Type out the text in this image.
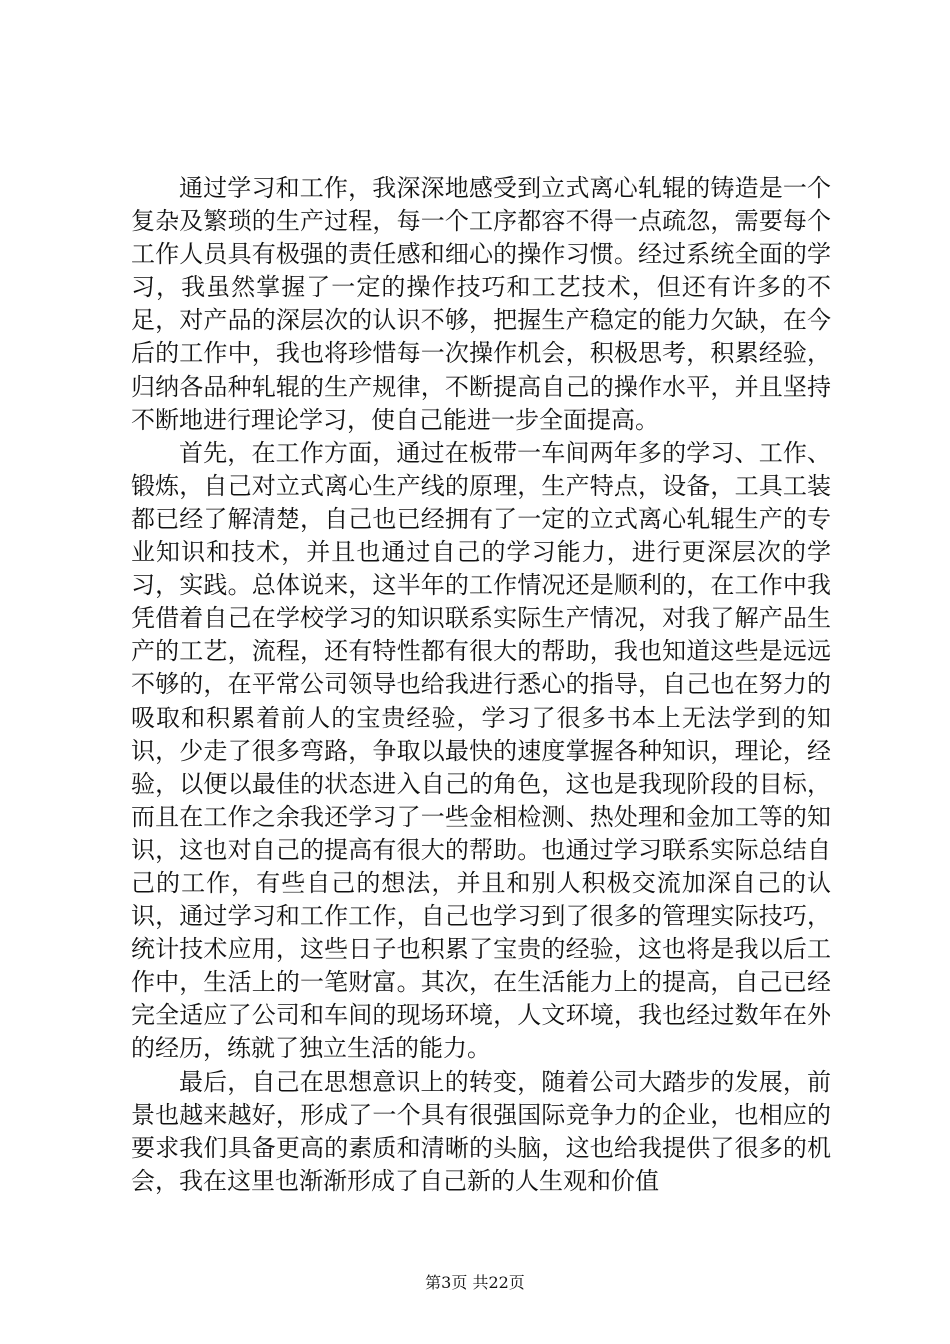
通过学习和工作，我深深地感受到立式离心轧辊的铸造是一个复杂及繁琐的生产过程，每一个工序都容不得一点疏忽，需要每个工作人员具有极强的责任感和细心的操作习惯。经过系统全面的学习，我虽然掌握了一定的操作技巧和工艺技术，但还有许多的不足，对产品的深层次的认识不够，把握生产稳定的能力欠缺，在今后的工作中，我也将珍惜每一次操作机会，积极思考，积累经验，归纳各品种轧辊的生产规律，不断提高自己的操作水平，并且坚持不断地进行理论学习，使自己能进一步全面提高。

首先，在工作方面，通过在板带一车间两年多的学习、工作、锻炼，自己对立式离心生产线的原理，生产特点，设备，工具工装都已经了解清楚，自己也已经拥有了一定的立式离心轧辊生产的专业知识和技术，并且也通过自己的学习能力，进行更深层次的学习，实践。总体说来，这半年的工作情况还是顺利的，在工作中我凭借着自己在学校学习的知识联系实际生产情况，对我了解产品生产的工艺，流程，还有特性都有很大的帮助，我也知道这些是远远不够的，在平常公司领导也给我进行悉心的指导，自己也在努力的吸取和积累着前人的宝贵经验，学习了很多书本上无法学到的知识，少走了很多弯路，争取以最快的速度掌握各种知识，理论，经验，以便以最佳的状态进入自己的角色，这也是我现阶段的目标，而且在工作之余我还学习了一些金相检测、热处理和金加工等的知识，这也对自己的提高有很大的帮助。也通过学习联系实际总结自己的工作，有些自己的想法，并且和别人积极交流加深自己的认识，通过学习和工作工作，自己也学习到了很多的管理实际技巧，统计技术应用，这些日子也积累了宝贵的经验，这也将是我以后工作中，生活上的一笔财富。其次，在生活能力上的提高，自己已经完全适应了公司和车间的现场环境，人文环境，我也经过数年在外的经历，练就了独立生活的能力。

最后，自己在思想意识上的转变，随着公司大踏步的发展，前景也越来越好，形成了一个具有很强国际竞争力的企业，也相应的要求我们具备更高的素质和清晰的头脑，这也给我提供了很多的机会，我在这里也渐渐形成了自己新的人生观和价值

第3页 共22页
